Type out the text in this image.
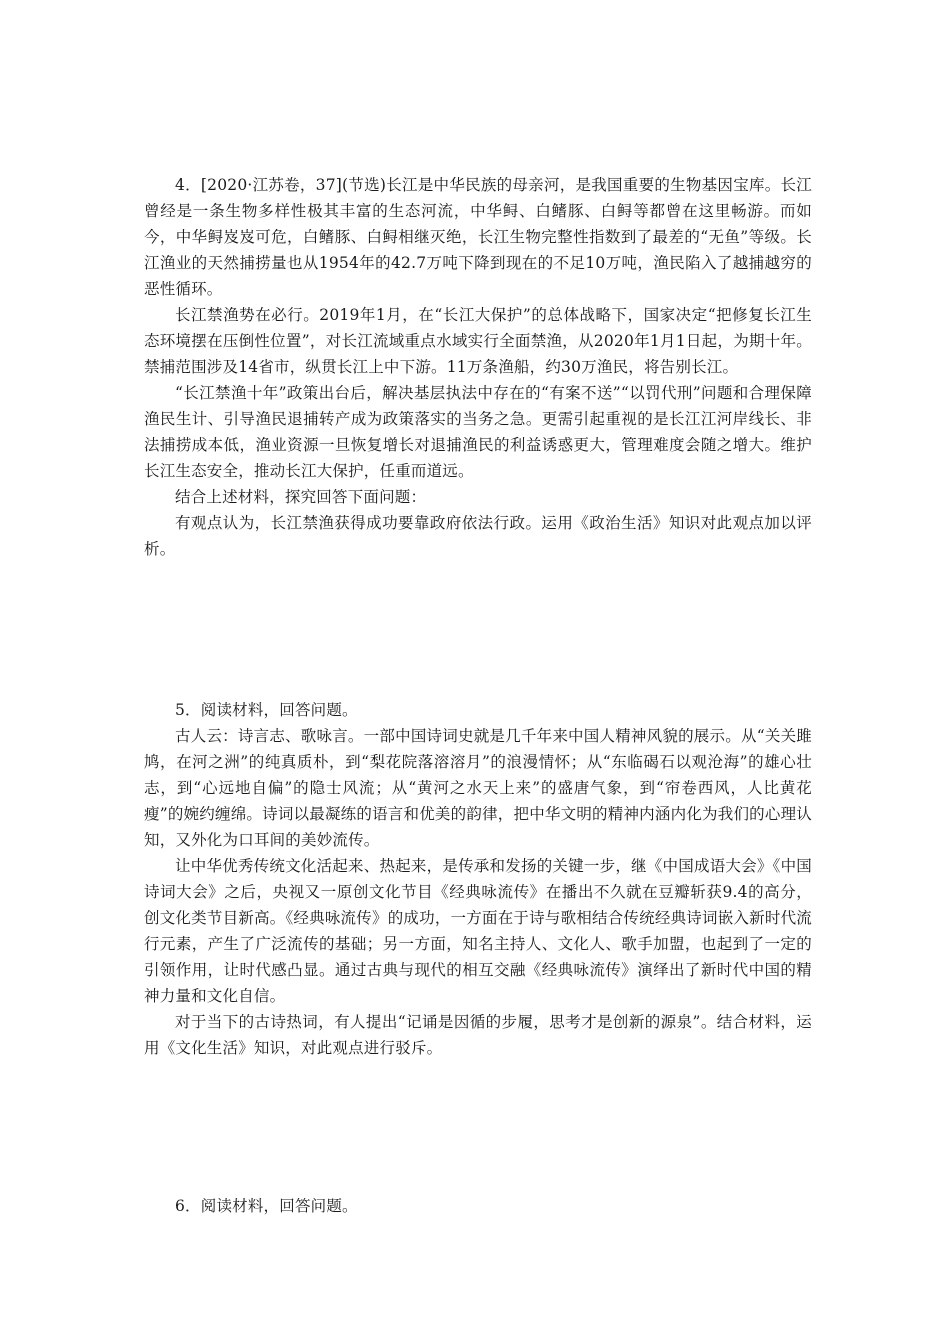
4．[2020·江苏卷，37](节选)长江是中华民族的母亲河，是我国重要的生物基因宝库。长江曾经是一条生物多样性极其丰富的生态河流，中华鲟、白鳍豚、白鲟等都曾在这里畅游。而如今，中华鲟岌岌可危，白鳍豚、白鲟相继灭绝，长江生物完整性指数到了最差的“无鱼”等级。长江渔业的天然捕捞量也从1954年的42.7万吨下降到现在的不足10万吨，渔民陷入了越捕越穷的恶性循环。

长江禁渔势在必行。2019年1月，在“长江大保护”的总体战略下，国家决定“把修复长江生态环境摆在压倒性位置”，对长江流域重点水域实行全面禁渔，从2020年1月1日起，为期十年。禁捕范围涉及14省市，纵贯长江上中下游。11万条渔船，约30万渔民，将告别长江。

“长江禁渔十年”政策出台后，解决基层执法中存在的“有案不送”“以罚代刑”问题和合理保障渔民生计、引导渔民退捕转产成为政策落实的当务之急。更需引起重视的是长江江河岸线长、非法捕捞成本低，渔业资源一旦恢复增长对退捕渔民的利益诱惑更大，管理难度会随之增大。维护长江生态安全，推动长江大保护，任重而道远。

结合上述材料，探究回答下面问题：

有观点认为，长江禁渔获得成功要靠政府依法行政。运用《政治生活》知识对此观点加以评析。

5．阅读材料，回答问题。

古人云：诗言志、歌咏言。一部中国诗词史就是几千年来中国人精神风貌的展示。从“关关雎鸠，在河之洲”的纯真质朴，到“梨花院落溶溶月”的浪漫情怀；从“东临碣石以观沧海”的雄心壮志，到“心远地自偏”的隐士风流；从“黄河之水天上来”的盛唐气象，到“帘卷西风，人比黄花瘦”的婉约缠绵。诗词以最凝练的语言和优美的韵律，把中华文明的精神内涵内化为我们的心理认知，又外化为口耳间的美妙流传。

让中华优秀传统文化活起来、热起来，是传承和发扬的关键一步，继《中国成语大会》《中国诗词大会》之后，央视又一原创文化节目《经典咏流传》在播出不久就在豆瓣斩获9.4的高分，创文化类节目新高。《经典咏流传》的成功，一方面在于诗与歌相结合传统经典诗词嵌入新时代流行元素，产生了广泛流传的基础；另一方面，知名主持人、文化人、歌手加盟，也起到了一定的引领作用，让时代感凸显。通过古典与现代的相互交融《经典咏流传》演绎出了新时代中国的精神力量和文化自信。

对于当下的古诗热词，有人提出“记诵是因循的步履，思考才是创新的源泉”。结合材料，运用《文化生活》知识，对此观点进行驳斥。

6．阅读材料，回答问题。
